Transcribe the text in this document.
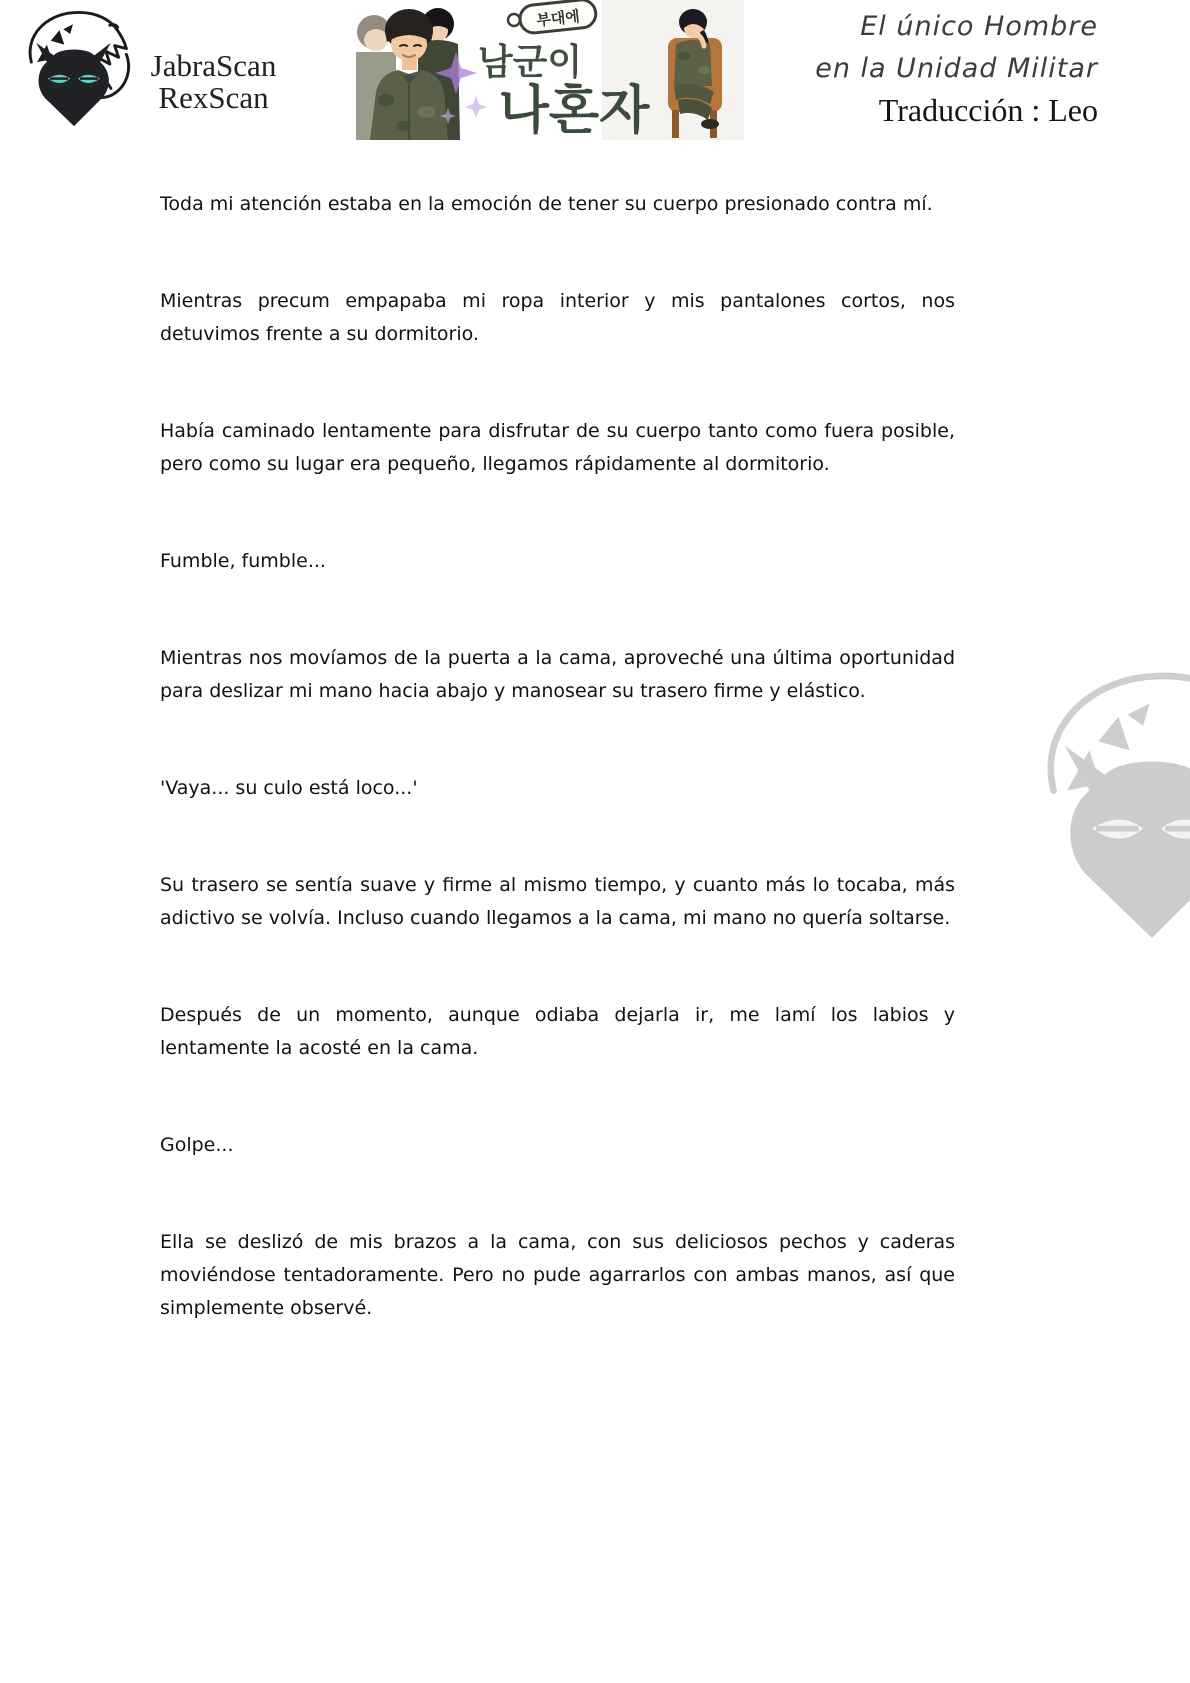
JabraScan
RexScan
부대에
남군이
나혼자
El único Hombre
en la Unidad Militar
Traducción : Leo

Toda mi atención estaba en la emoción de tener su cuerpo presionado contra mí.

Mientras precum empapaba mi ropa interior y mis pantalones cortos, nos detuvimos frente a su dormitorio.

Había caminado lentamente para disfrutar de su cuerpo tanto como fuera posible, pero como su lugar era pequeño, llegamos rápidamente al dormitorio.

Fumble, fumble...

Mientras nos movíamos de la puerta a la cama, aproveché una última oportunidad para deslizar mi mano hacia abajo y manosear su trasero firme y elástico.

'Vaya... su culo está loco...'

Su trasero se sentía suave y firme al mismo tiempo, y cuanto más lo tocaba, más adictivo se volvía. Incluso cuando llegamos a la cama, mi mano no quería soltarse.

Después de un momento, aunque odiaba dejarla ir, me lamí los labios y lentamente la acosté en la cama.

Golpe...

Ella se deslizó de mis brazos a la cama, con sus deliciosos pechos y caderas moviéndose tentadoramente. Pero no pude agarrarlos con ambas manos, así que simplemente observé.
